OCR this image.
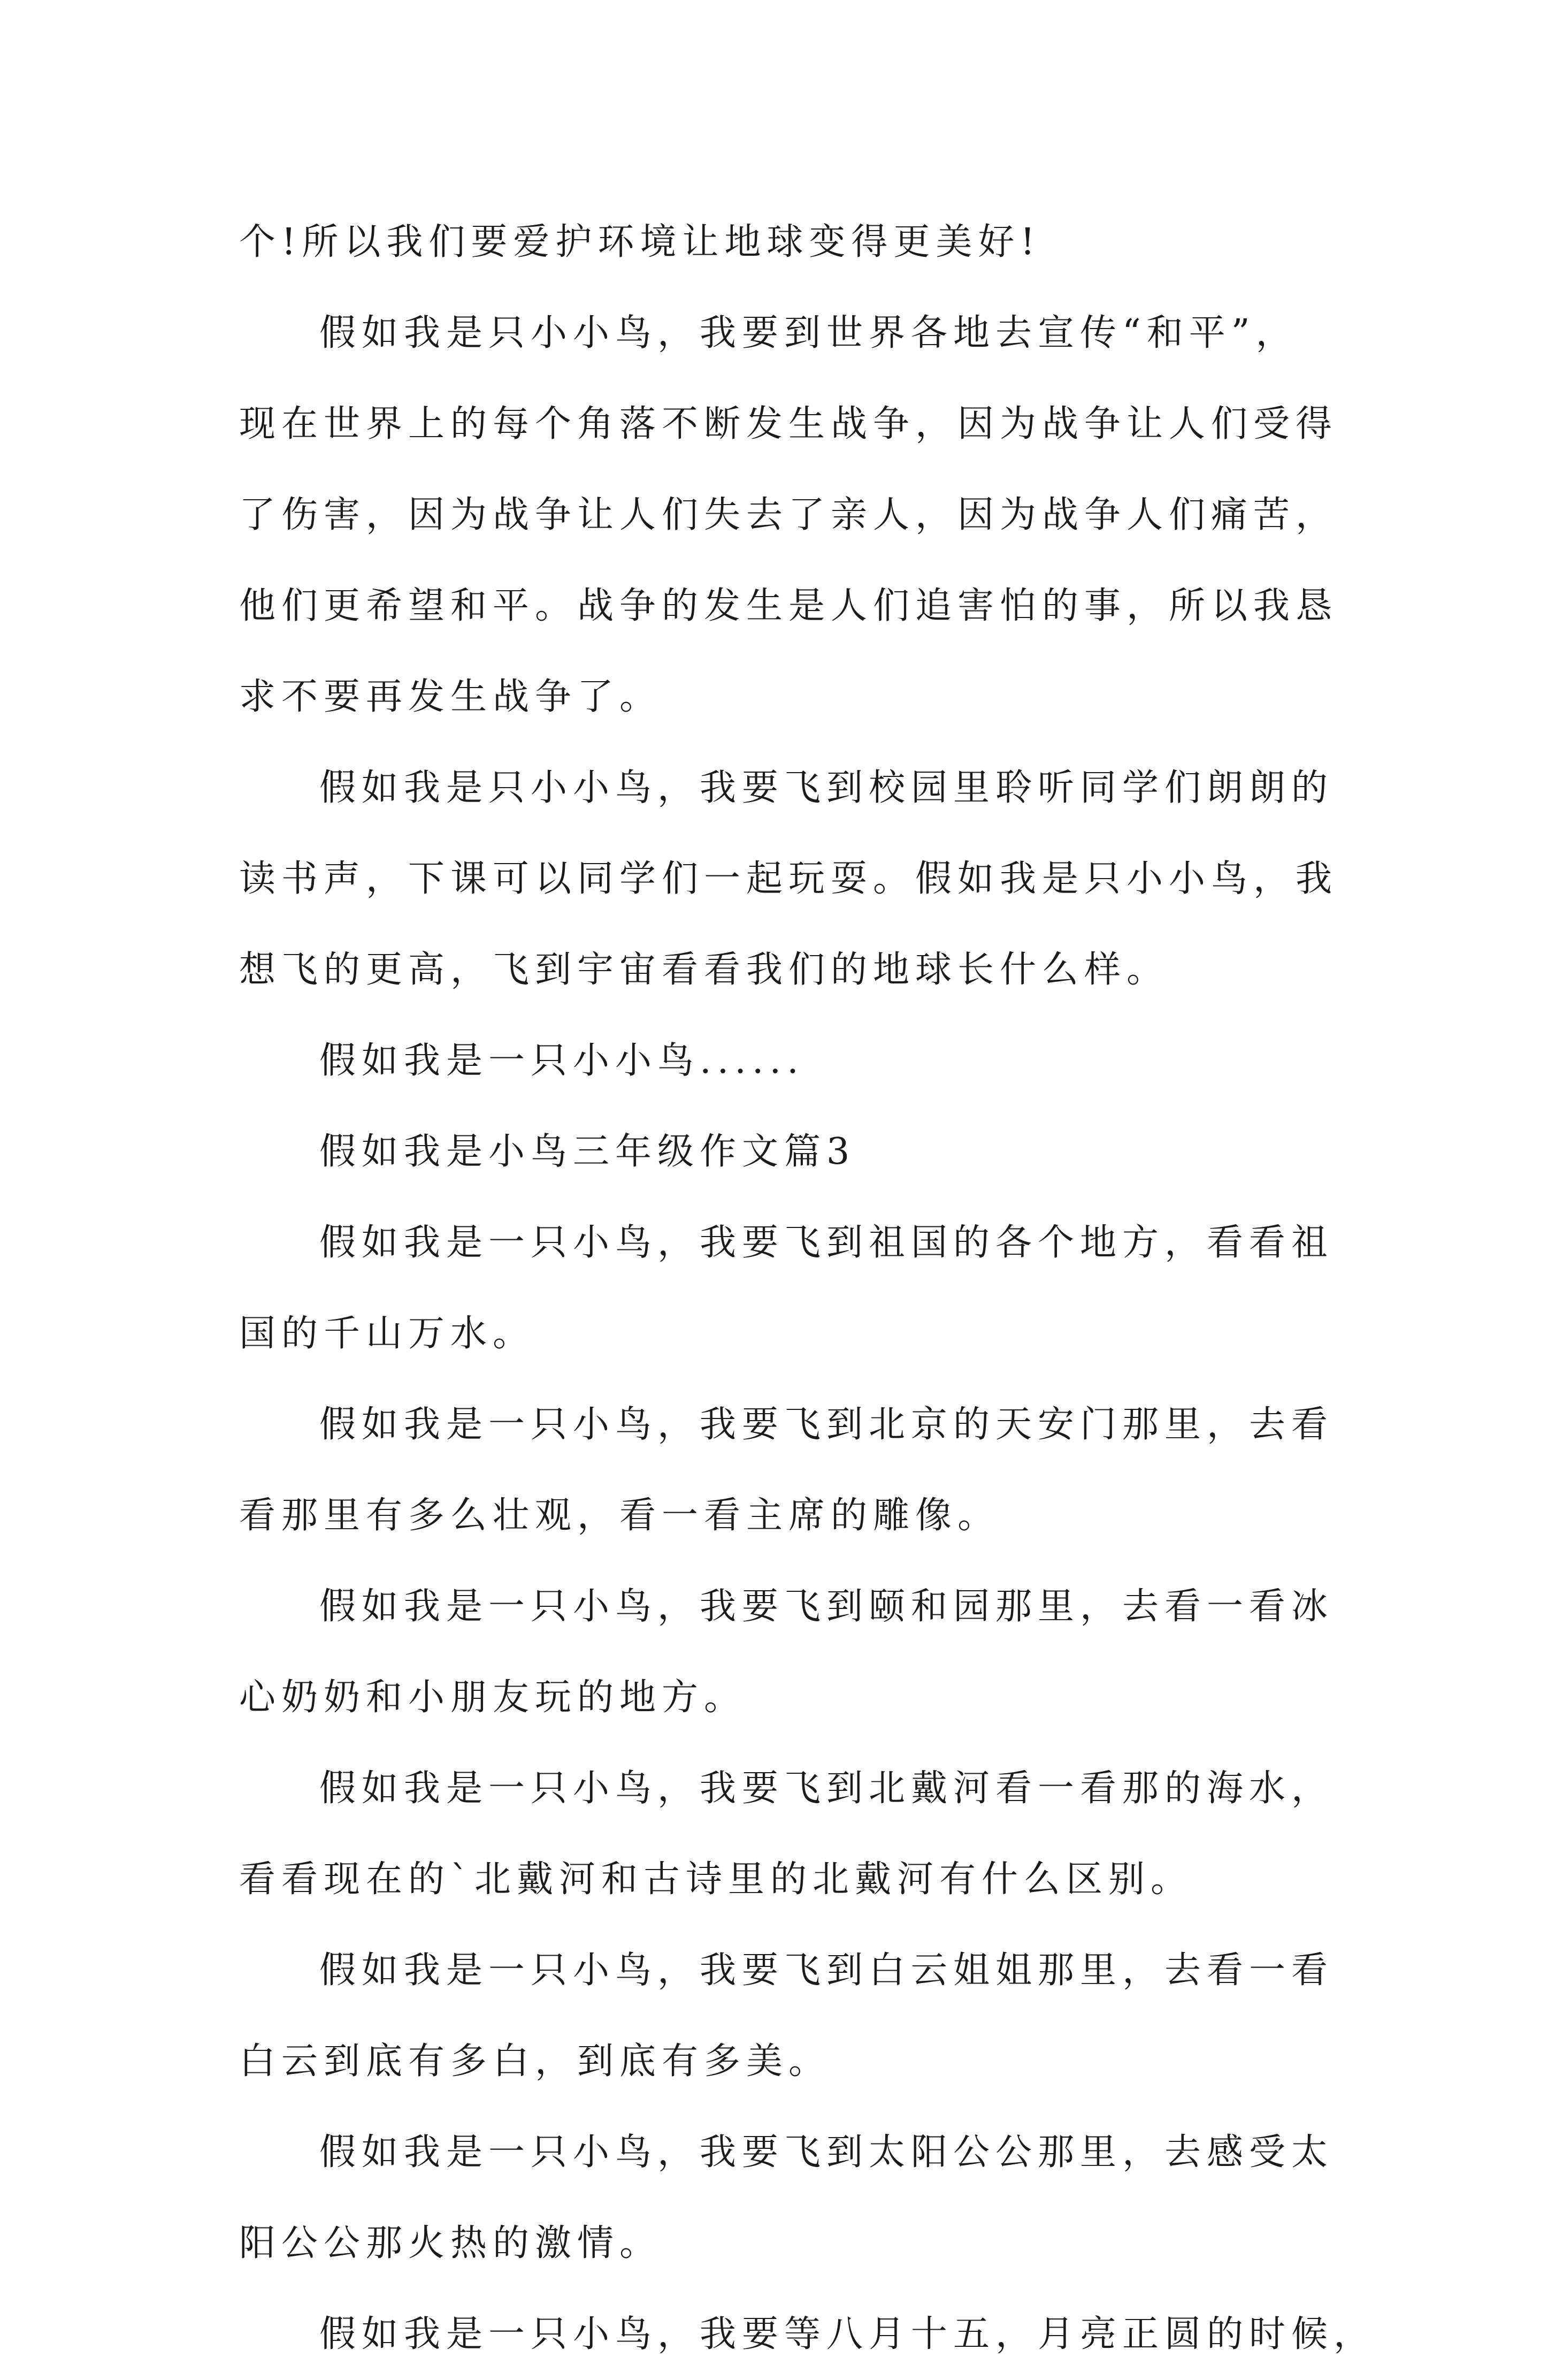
个!所以我们要爱护环境让地球变得更美好!
假如我是只小小鸟，我要到世界各地去宣传“和平”，
现在世界上的每个角落不断发生战争，因为战争让人们受得
了伤害，因为战争让人们失去了亲人，因为战争人们痛苦，
他们更希望和平。战争的发生是人们追害怕的事，所以我恳
求不要再发生战争了。
假如我是只小小鸟，我要飞到校园里聆听同学们朗朗的
读书声，下课可以同学们一起玩耍。假如我是只小小鸟，我
想飞的更高，飞到宇宙看看我们的地球长什么样。
假如我是一只小小鸟......
假如我是小鸟三年级作文篇3
假如我是一只小鸟，我要飞到祖国的各个地方，看看祖
国的千山万水。
假如我是一只小鸟，我要飞到北京的天安门那里，去看
看那里有多么壮观，看一看主席的雕像。
假如我是一只小鸟，我要飞到颐和园那里，去看一看冰
心奶奶和小朋友玩的地方。
假如我是一只小鸟，我要飞到北戴河看一看那的海水，
看看现在的`北戴河和古诗里的北戴河有什么区别。
假如我是一只小鸟，我要飞到白云姐姐那里，去看一看
白云到底有多白，到底有多美。
假如我是一只小鸟，我要飞到太阳公公那里，去感受太
阳公公那火热的激情。
假如我是一只小鸟，我要等八月十五，月亮正圆的时候，
